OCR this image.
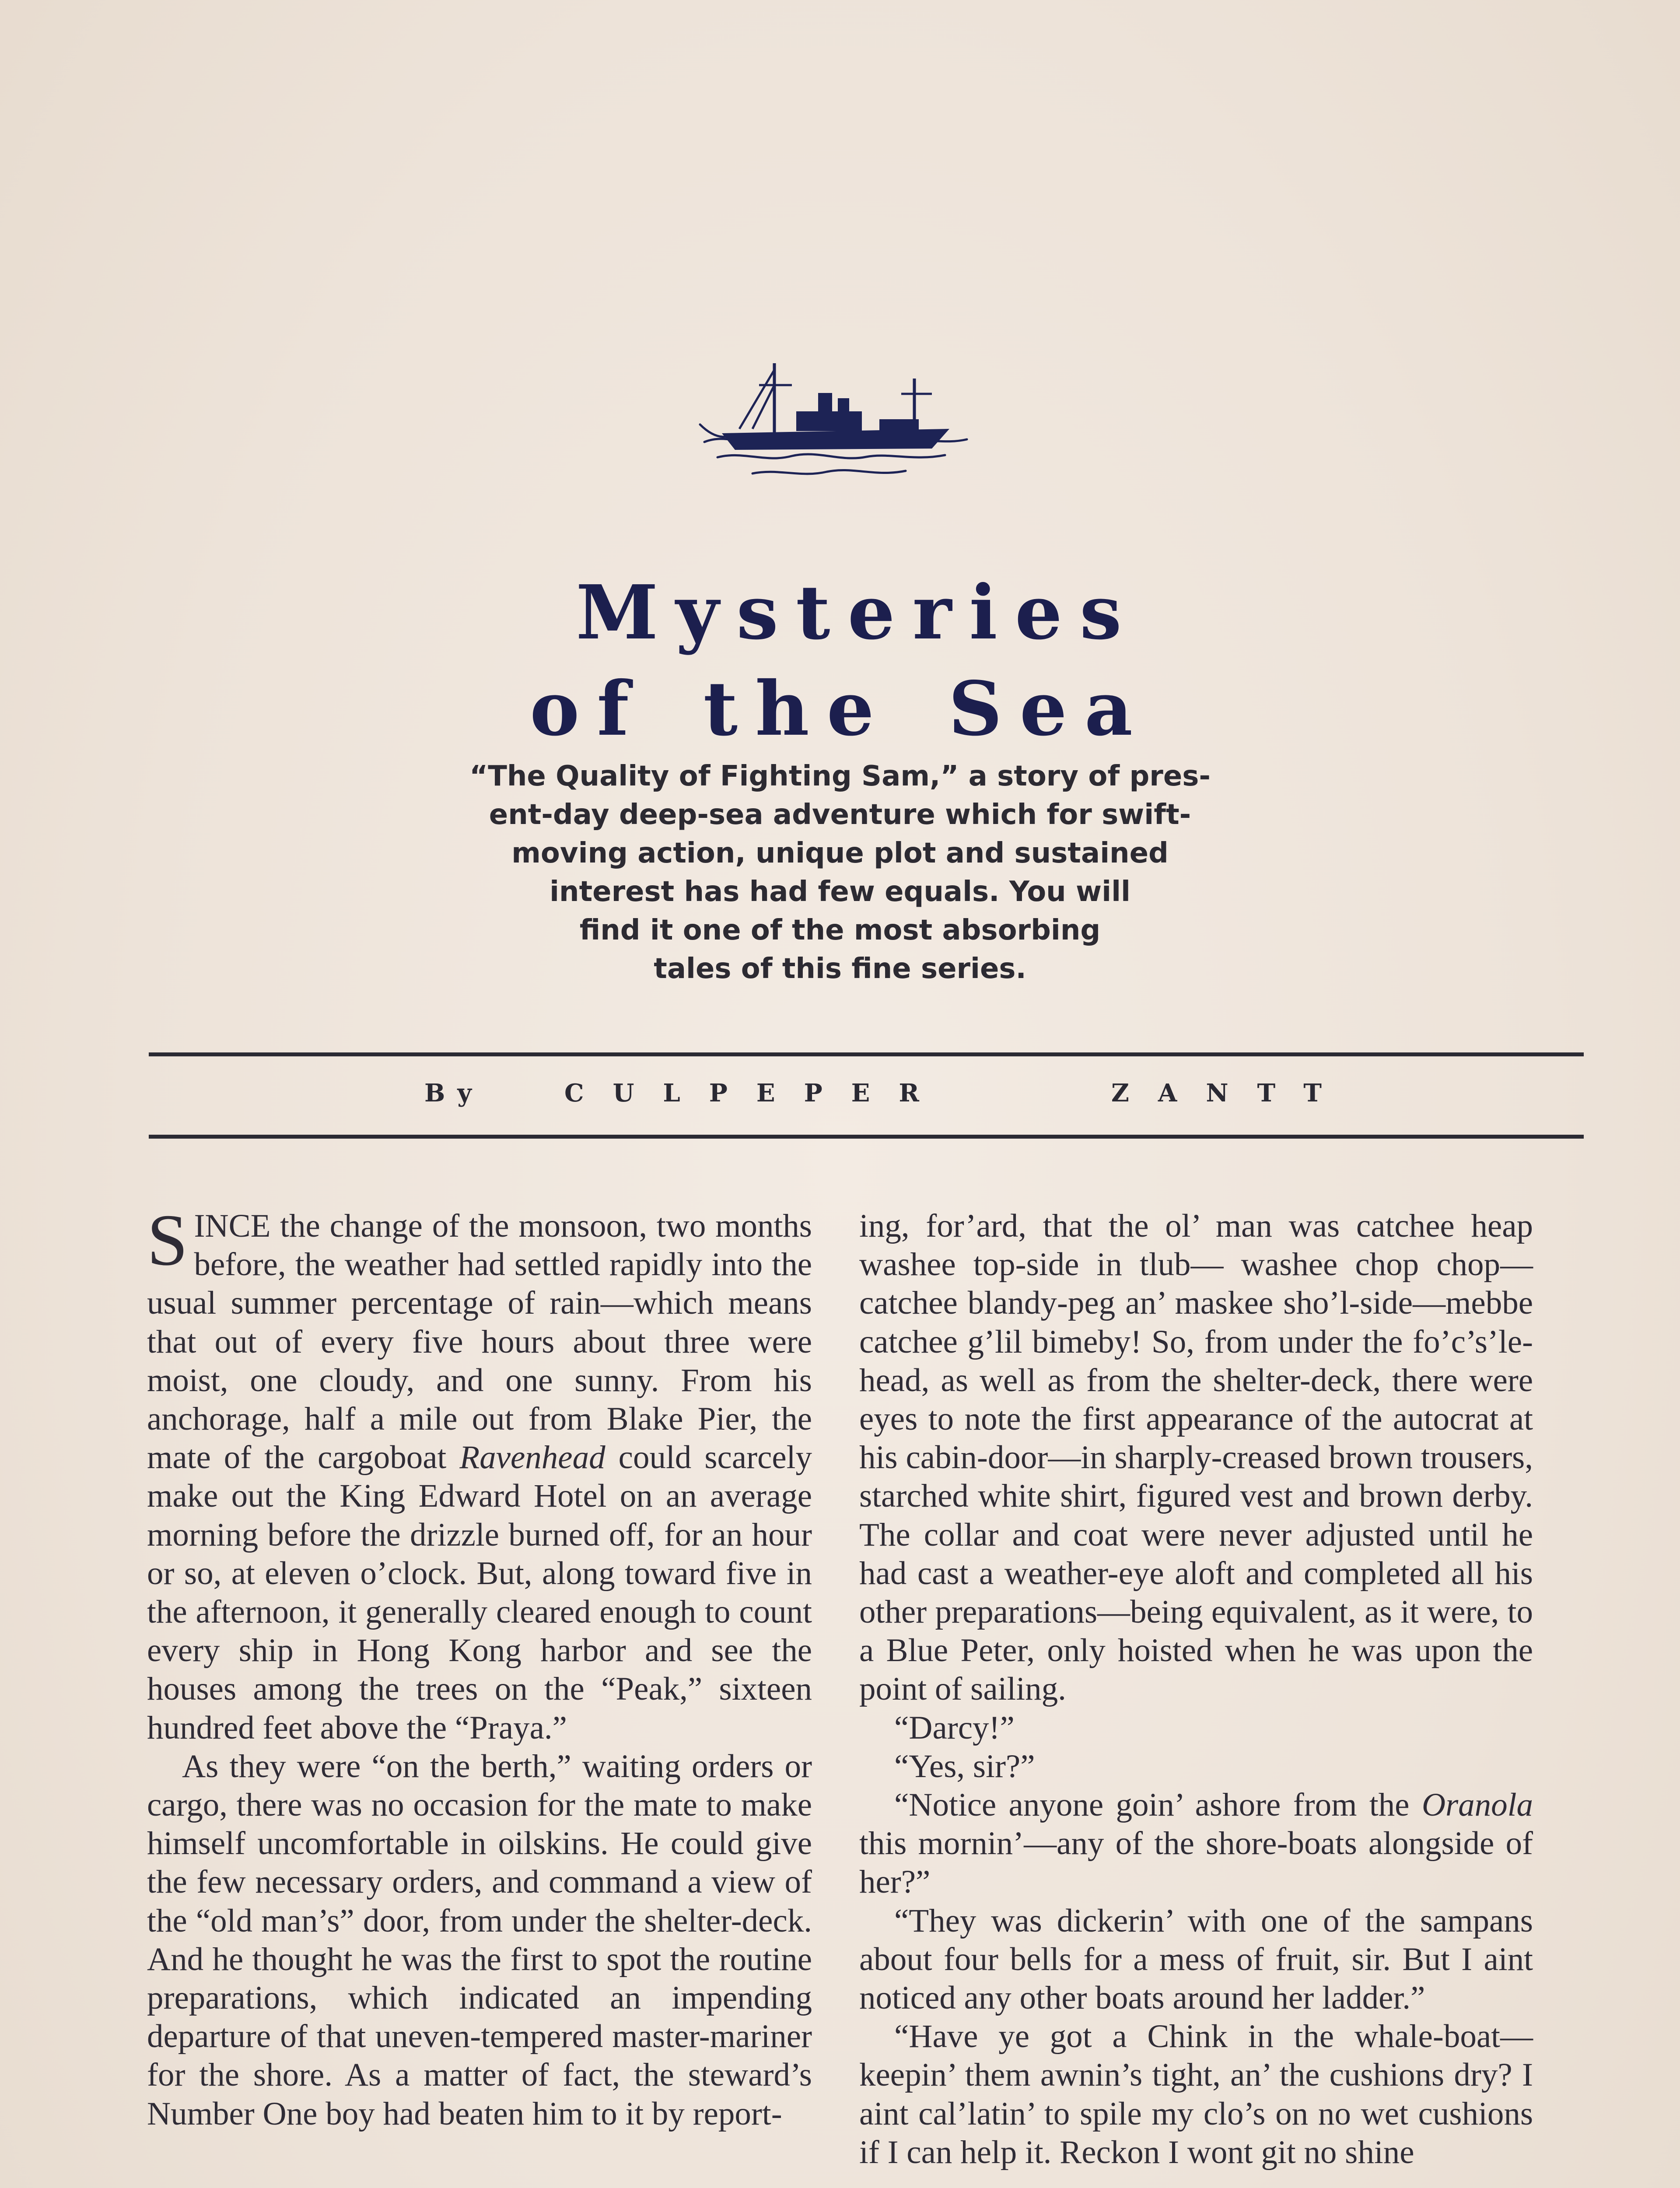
Mysteries
of the Sea
“The Quality of Fighting Sam,” a story of pres-
ent-day deep-sea adventure which for swift-
moving action, unique plot and sustained
interest has had few equals. You will
find it one of the most absorbing
tales of this fine series.
By	CULPEPER	ZANTT

SINCE the change of the monsoon, two months before, the weather had settled rapidly into the usual summer percentage of rain—which means that out of every five hours about three were moist, one cloudy, and one sunny. From his anchorage, half a mile out from Blake Pier, the mate of the cargoboat Ravenhead could scarcely make out the King Edward Hotel on an average morning before the drizzle burned off, for an hour or so, at eleven o’clock. But, along toward five in the afternoon, it generally cleared enough to count every ship in Hong Kong harbor and see the houses among the trees on the “Peak,” sixteen hundred feet above the “Praya.”

As they were “on the berth,” waiting orders or cargo, there was no occasion for the mate to make himself uncomfortable in oilskins. He could give the few necessary orders, and command a view of the “old man’s” door, from under the shelter-deck. And he thought he was the first to spot the routine preparations, which indicated an impending departure of that uneven-tempered master-mariner for the shore. As a matter of fact, the steward’s Number One boy had beaten him to it by report-

ing, for’ard, that the ol’ man was catchee heap washee top-side in tlub— washee chop chop—catchee blandy-peg an’ maskee sho’l-side—mebbe catchee g’lil bimeby! So, from under the fo’c’s’le-head, as well as from the shelter-deck, there were eyes to note the first appearance of the autocrat at his cabin-door—in sharply-creased brown trousers, starched white shirt, figured vest and brown derby. The collar and coat were never adjusted until he had cast a weather-eye aloft and completed all his other preparations—being equivalent, as it were, to a Blue Peter, only hoisted when he was upon the point of sailing.

“Darcy!”

“Yes, sir?”

“Notice anyone goin’ ashore from the Oranola this mornin’—any of the shore-boats alongside of her?”

“They was dickerin’ with one of the sampans about four bells for a mess of fruit, sir. But I aint noticed any other boats around her ladder.”

“Have ye got a Chink in the whale-boat—keepin’ them awnin’s tight, an’ the cushions dry? I aint cal’latin’ to spile my clo’s on no wet cushions if I can help it. Reckon I wont git no shine
